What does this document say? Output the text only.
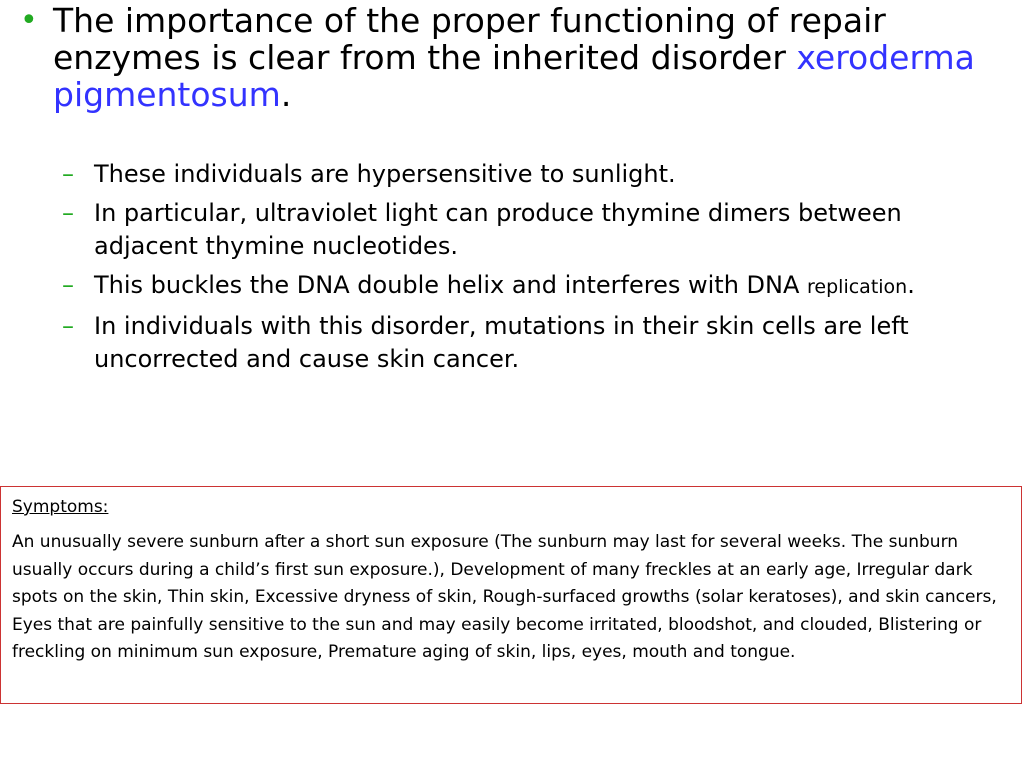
• The importance of the proper functioning of repair enzymes is clear from the inherited disorder xeroderma pigmentosum.
– These individuals are hypersensitive to sunlight.
– In particular, ultraviolet light can produce thymine dimers between adjacent thymine nucleotides.
– This buckles the DNA double helix and interferes with DNA replication.
– In individuals with this disorder, mutations in their skin cells are left uncorrected and cause skin cancer.

Symptoms:

An unusually severe sunburn after a short sun exposure (The sunburn may last for several weeks. The sunburn usually occurs during a child’s first sun exposure.), Development of many freckles at an early age, Irregular dark spots on the skin, Thin skin, Excessive dryness of skin, Rough-surfaced growths (solar keratoses), and skin cancers, Eyes that are painfully sensitive to the sun and may easily become irritated, bloodshot, and clouded, Blistering or freckling on minimum sun exposure, Premature aging of skin, lips, eyes, mouth and tongue.
